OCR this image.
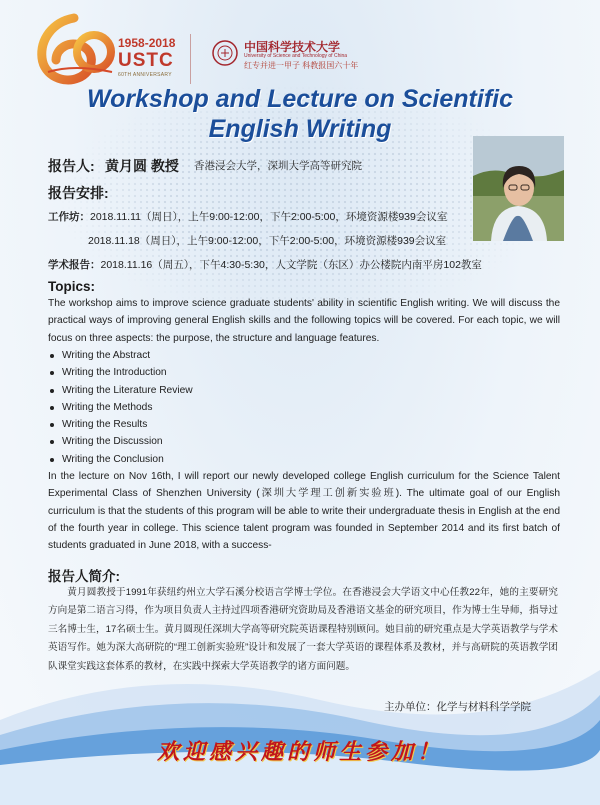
1958-2018
USTC
60TH ANNIVERSARY
中国科学技术大学
University of Science and Technology of China
红专并进一甲子 科教报国六十年
Workshop and Lecture on Scientific
English Writing
报告人: 黄月圆 教授 香港浸会大学，深圳大学高等研究院
报告安排:
工作坊：2018.11.11（周日），上午9:00-12:00，下午2:00-5:00，环境资源楼939会议室
2018.11.18（周日），上午9:00-12:00，下午2:00-5:00，环境资源楼939会议室
学术报告：2018.11.16（周五），下午4:30-5:30，人文学院（东区）办公楼院内南平房102教室
Topics:
The workshop aims to improve science graduate students' ability in scientific English writing. We will discuss the practical ways of improving general English skills and the following topics will be covered. For each topic, we will focus on three aspects: the purpose, the structure and language features.
Writing the Abstract
Writing the Introduction
Writing the Literature Review
Writing the Methods
Writing the Results
Writing the Discussion
Writing the Conclusion
In the lecture on Nov 16th, I will report our newly developed college English curriculum for the Science Talent Experimental Class of Shenzhen University (深圳大学理工创新实验班). The ultimate goal of our English curriculum is that the students of this program will be able to write their undergraduate thesis in English at the end of the fourth year in college. This science talent program was founded in September 2014 and its first batch of students graduated in June 2018, with a success-
报告人简介:
黄月圆教授于1991年获纽约州立大学石溪分校语言学博士学位。在香港浸会大学语文中心任教22年，她的主要研究方向是第二语言习得，作为项目负责人主持过四项香港研究资助局及香港语文基金的研究项目，作为博士生导师，指导过三名博士生，17名硕士生。黄月圆现任深圳大学高等研究院英语课程特别顾问。她目前的研究重点是大学英语教学与学术英语写作。她为深大高研院的“理工创新实验班”设计和发展了一套大学英语的课程体系及教材，并与高研院的英语教学团队课堂实践这套体系的教材，在实践中探索大学英语教学的诸方面问题。
主办单位：化学与材料科学学院
欢迎感兴趣的师生参加！
